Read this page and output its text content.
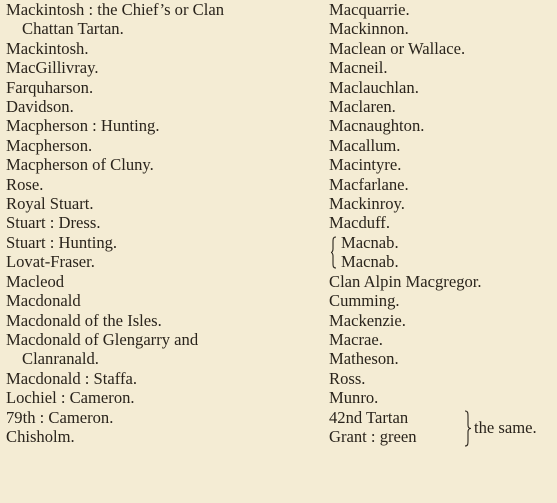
Mackintosh : the Chief’s or Clan
Chattan Tartan.
Mackintosh.
MacGillivray.
Farquharson.
Davidson.
Macpherson : Hunting.
Macpherson.
Macpherson of Cluny.
Rose.
Royal Stuart.
Stuart : Dress.
Stuart : Hunting.
Lovat-Fraser.
Macleod
Macdonald
Macdonald of the Isles.
Macdonald of Glengarry and
Clanranald.
Macdonald : Staffa.
Lochiel : Cameron.
79th : Cameron.
Chisholm.
Macquarrie.
Mackinnon.
Maclean or Wallace.
Macneil.
Maclauchlan.
Maclaren.
Macnaughton.
Macallum.
Macintyre.
Macfarlane.
Mackinroy.
Macduff.
Macnab.
Macnab.
Clan Alpin Macgregor.
Cumming.
Mackenzie.
Macrae.
Matheson.
Ross.
Munro.
42nd Tartan
Grant : green	the same.
